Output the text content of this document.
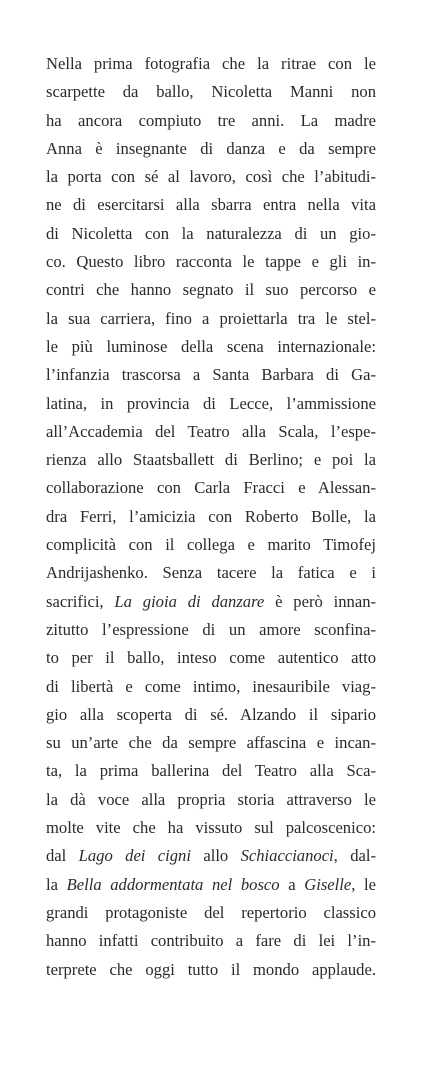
Nella prima fotografia che la ritrae con le
scarpette da ballo, Nicoletta Manni non
ha ancora compiuto tre anni. La madre
Anna è insegnante di danza e da sempre
la porta con sé al lavoro, così che l’abitudi-
ne di esercitarsi alla sbarra entra nella vita
di Nicoletta con la naturalezza di un gio-
co. Questo libro racconta le tappe e gli in-
contri che hanno segnato il suo percorso e
la sua carriera, fino a proiettarla tra le stel-
le più luminose della scena internazionale:
l’infanzia trascorsa a Santa Barbara di Ga-
latina, in provincia di Lecce, l’ammissione
all’Accademia del Teatro alla Scala, l’espe-
rienza allo Staatsballett di Berlino; e poi la
collaborazione con Carla Fracci e Alessan-
dra Ferri, l’amicizia con Roberto Bolle, la
complicità con il collega e marito Timofej
Andrijashenko. Senza tacere la fatica e i
sacrifici, La gioia di danzare è però innan-
zitutto l’espressione di un amore sconfina-
to per il ballo, inteso come autentico atto
di libertà e come intimo, inesauribile viag-
gio alla scoperta di sé. Alzando il sipario
su un’arte che da sempre affascina e incan-
ta, la prima ballerina del Teatro alla Sca-
la dà voce alla propria storia attraverso le
molte vite che ha vissuto sul palcoscenico:
dal Lago dei cigni allo Schiaccianoci, dal-
la Bella addormentata nel bosco a Giselle, le
grandi protagoniste del repertorio classico
hanno infatti contribuito a fare di lei l’in-
terprete che oggi tutto il mondo applaude.
